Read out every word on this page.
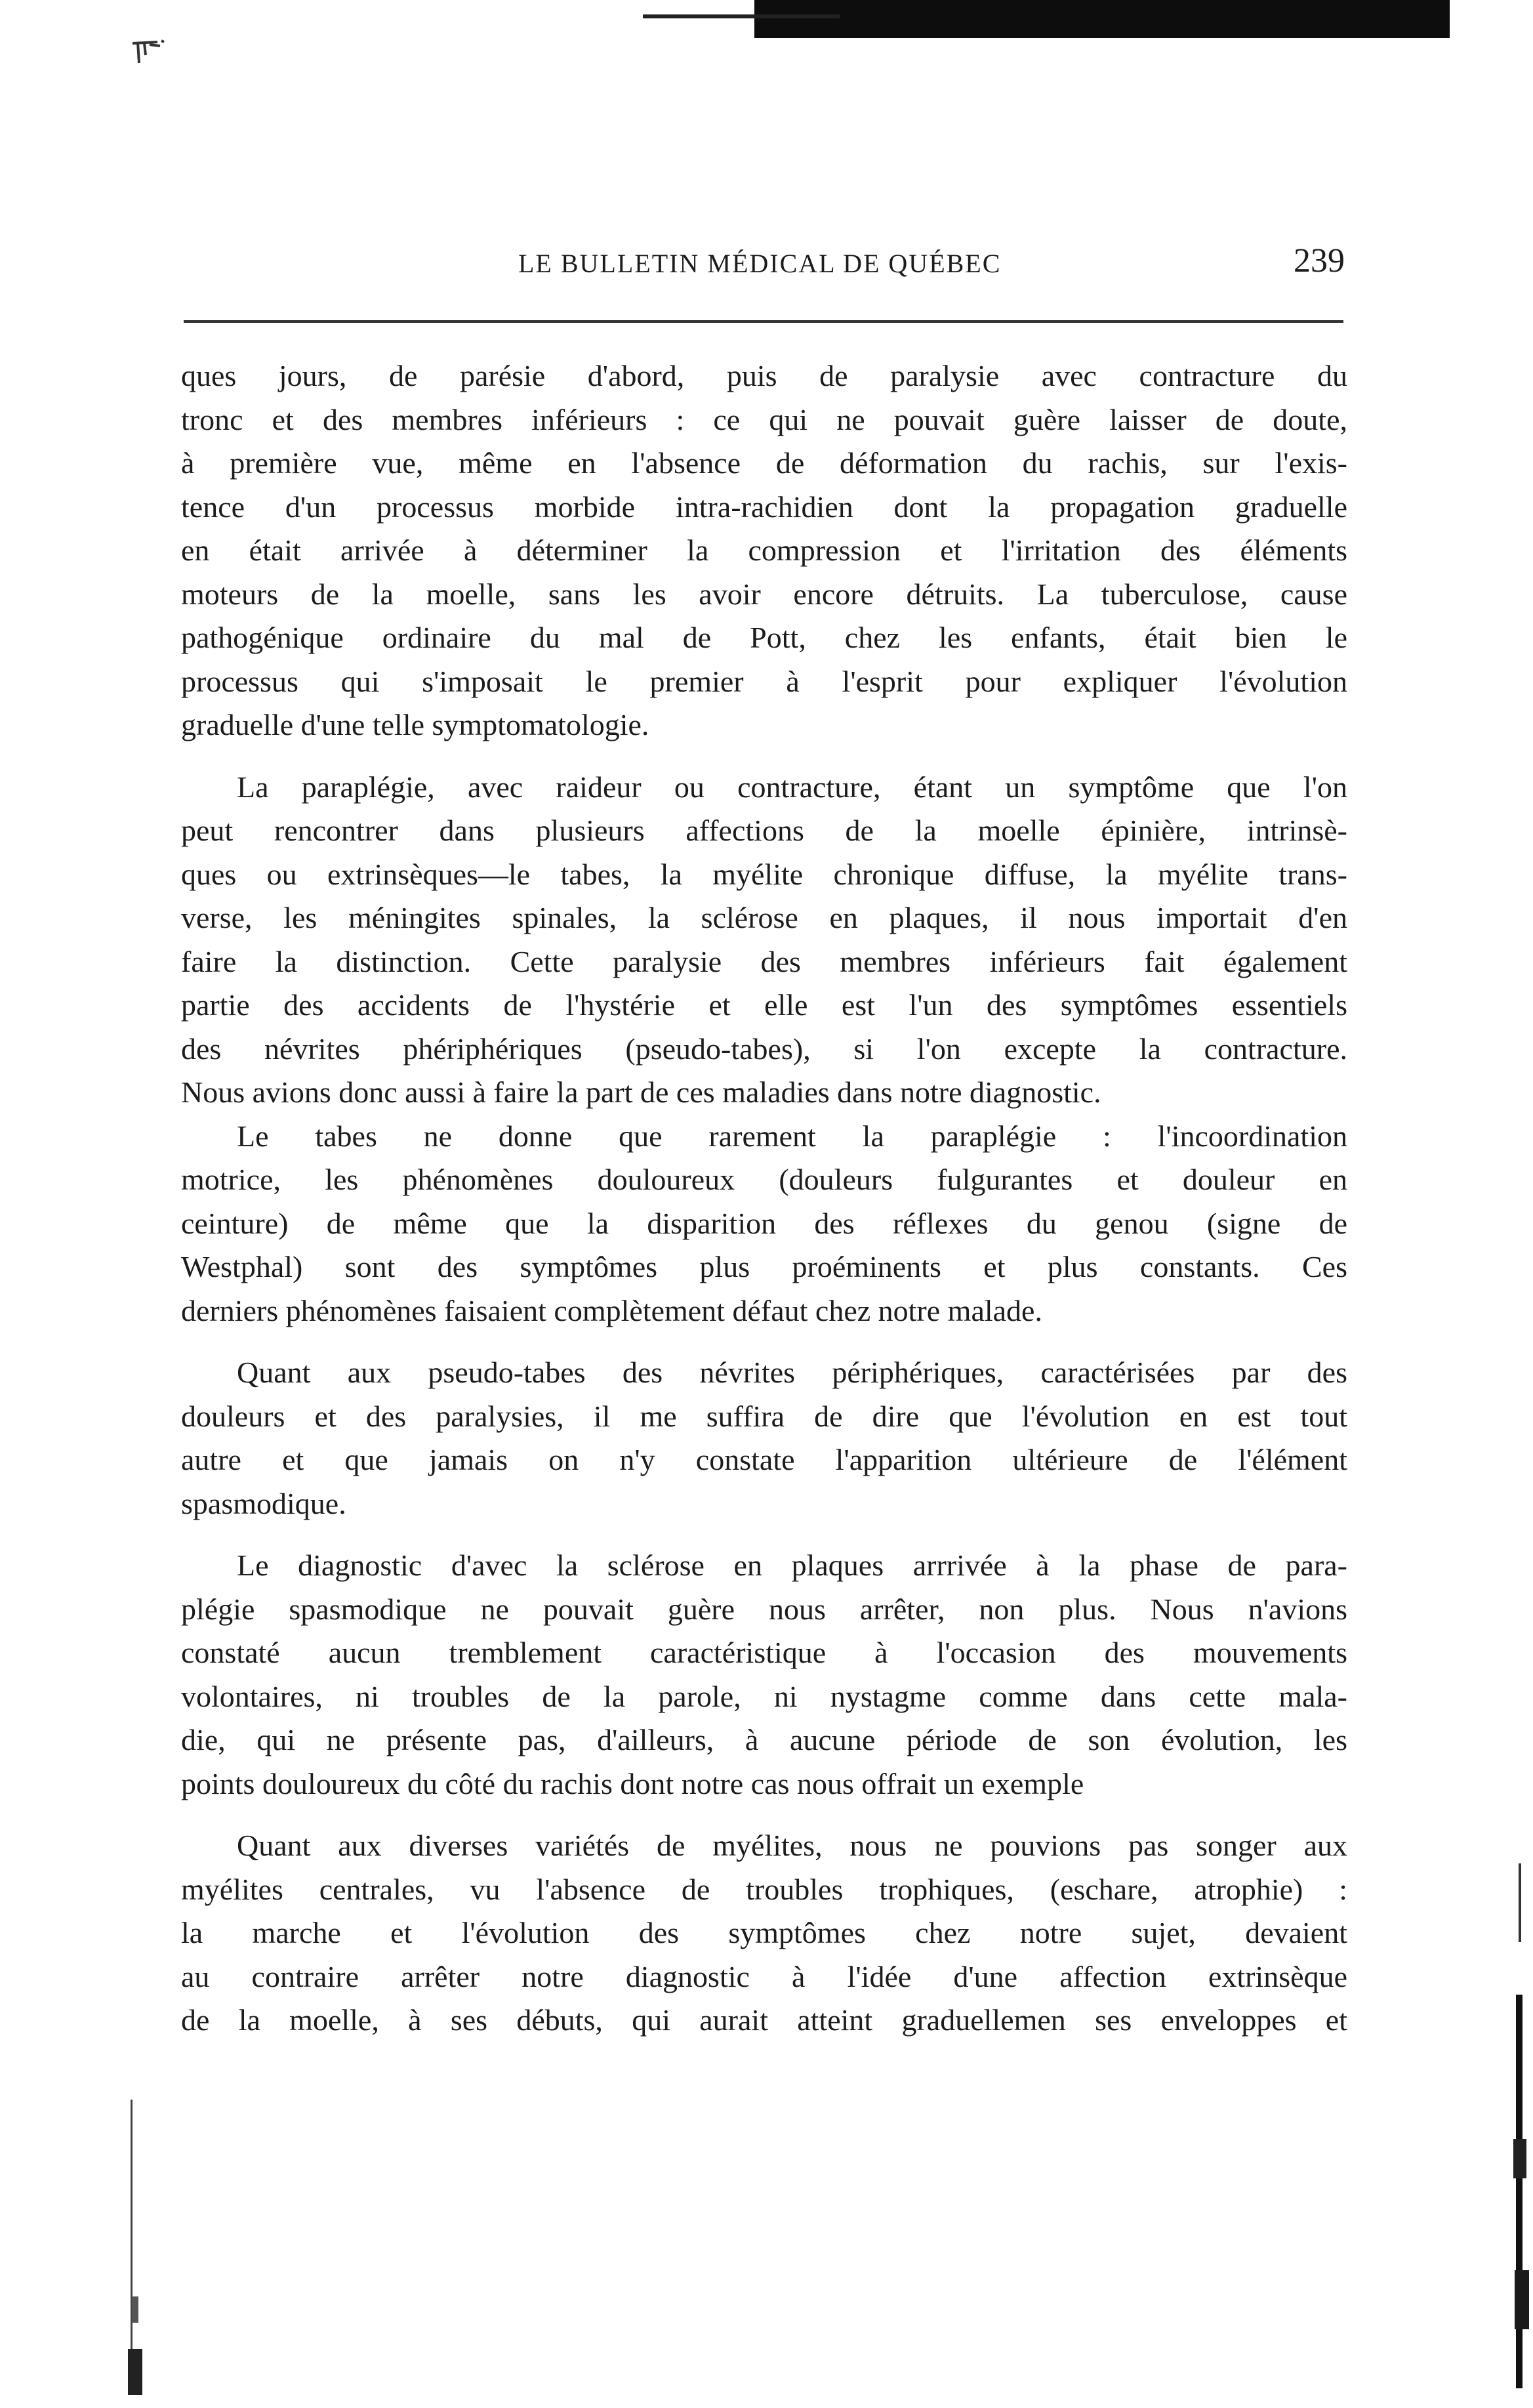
LE BULLETIN MÉDICAL DE QUÉBEC	239
ques jours, de parésie d'abord, puis de paralysie avec contracture du
tronc et des membres inférieurs : ce qui ne pouvait guère laisser de doute,
à première vue, même en l'absence de déformation du rachis, sur l'exis-
tence d'un processus morbide intra-rachidien dont la propagation graduelle
en était arrivée à déterminer la compression et l'irritation des éléments
moteurs de la moelle, sans les avoir encore détruits. La tuberculose, cause
pathogénique ordinaire du mal de Pott, chez les enfants, était bien le
processus qui s'imposait le premier à l'esprit pour expliquer l'évolution
graduelle d'une telle symptomatologie.
La paraplégie, avec raideur ou contracture, étant un symptôme que l'on
peut rencontrer dans plusieurs affections de la moelle épinière, intrinsè-
ques ou extrinsèques—le tabes, la myélite chronique diffuse, la myélite trans-
verse, les méningites spinales, la sclérose en plaques, il nous importait d'en
faire la distinction. Cette paralysie des membres inférieurs fait également
partie des accidents de l'hystérie et elle est l'un des symptômes essentiels
des névrites phériphériques (pseudo-tabes), si l'on excepte la contracture.
Nous avions donc aussi à faire la part de ces maladies dans notre diagnostic.
Le tabes ne donne que rarement la paraplégie : l'incoordination
motrice, les phénomènes douloureux (douleurs fulgurantes et douleur en
ceinture) de même que la disparition des réflexes du genou (signe de
Westphal) sont des symptômes plus proéminents et plus constants. Ces
derniers phénomènes faisaient complètement défaut chez notre malade.
Quant aux pseudo-tabes des névrites périphériques, caractérisées par des
douleurs et des paralysies, il me suffira de dire que l'évolution en est tout
autre et que jamais on n'y constate l'apparition ultérieure de l'élément
spasmodique.
Le diagnostic d'avec la sclérose en plaques arrrivée à la phase de para-
plégie spasmodique ne pouvait guère nous arrêter, non plus. Nous n'avions
constaté aucun tremblement caractéristique à l'occasion des mouvements
volontaires, ni troubles de la parole, ni nystagme comme dans cette mala-
die, qui ne présente pas, d'ailleurs, à aucune période de son évolution, les
points douloureux du côté du rachis dont notre cas nous offrait un exemple
Quant aux diverses variétés de myélites, nous ne pouvions pas songer aux
myélites centrales, vu l'absence de troubles trophiques, (eschare, atrophie) :
la marche et l'évolution des symptômes chez notre sujet, devaient
au contraire arrêter notre diagnostic à l'idée d'une affection extrinsèque
de la moelle, à ses débuts, qui aurait atteint graduellemen ses enveloppes et
